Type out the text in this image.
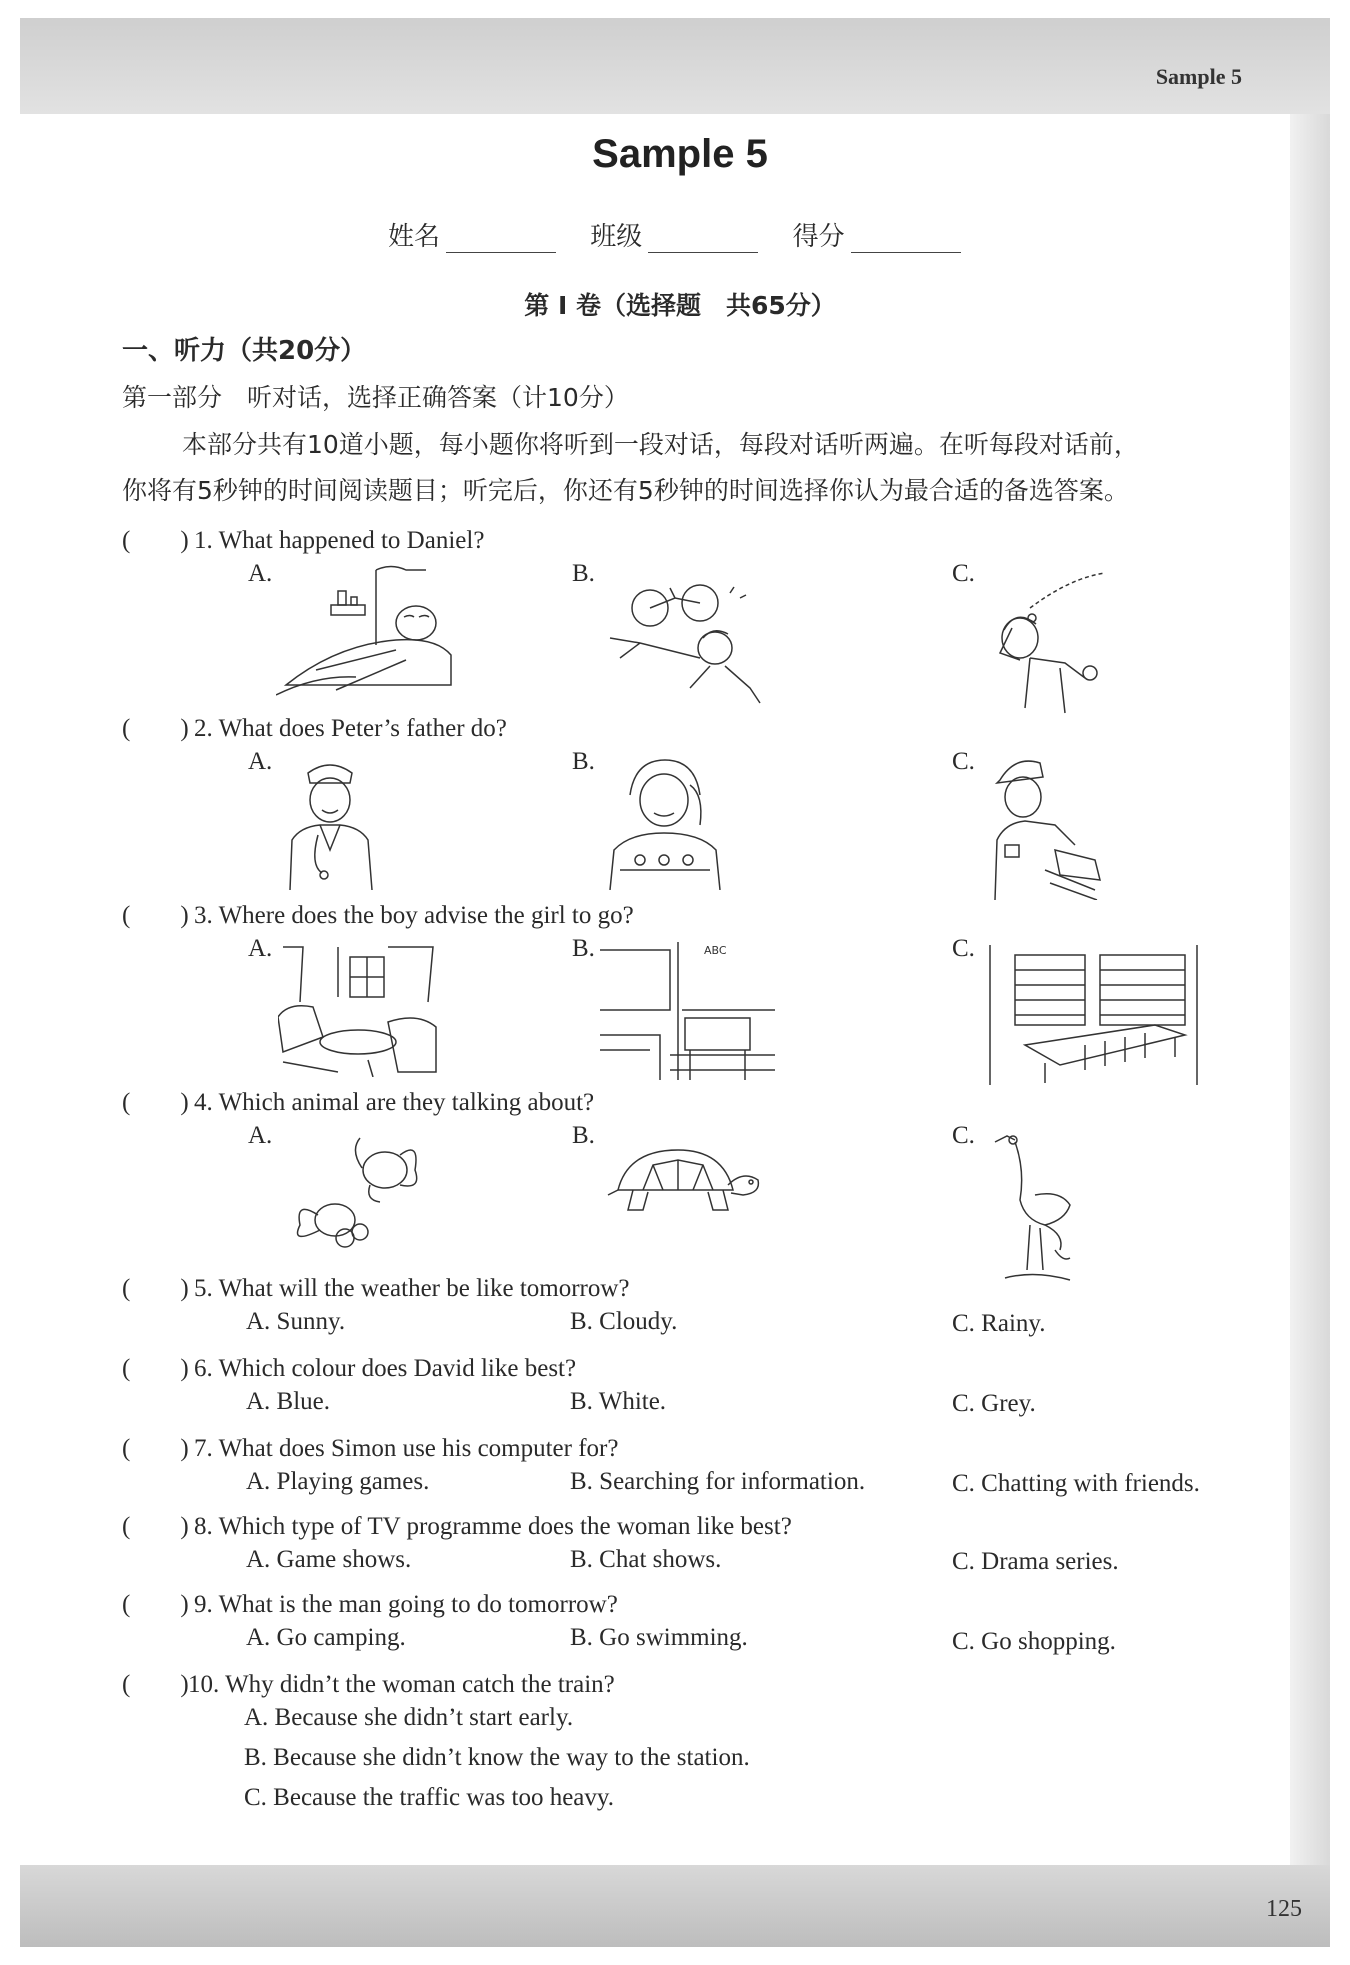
Sample 5
Sample 5
姓名	班级	得分
第 Ⅰ 卷（选择题　共65分）
一、听力（共20分）
第一部分　听对话，选择正确答案（计10分）
本部分共有10道小题，每小题你将听到一段对话，每段对话听两遍。在听每段对话前，
你将有5秒钟的时间阅读题目；听完后，你还有5秒钟的时间选择你认为最合适的备选答案。
(　　) 1. What happened to Daniel?
A.	B.	C.
(　　) 2. What does Peter’s father do?
A.	B.	C.
(　　) 3. Where does the boy advise the girl to go?
A.	B.	C.
ABC
(　　) 4. Which animal are they talking about?
A.	B.	C.
(　　) 5. What will the weather be like tomorrow?
A. Sunny.	B. Cloudy.	C. Rainy.
(　　) 6. Which colour does David like best?
A. Blue.	B. White.	C. Grey.
(　　) 7. What does Simon use his computer for?
A. Playing games.	B. Searching for information.	C. Chatting with friends.
(　　) 8. Which type of TV programme does the woman like best?
A. Game shows.	B. Chat shows.	C. Drama series.
(　　) 9. What is the man going to do tomorrow?
A. Go camping.	B. Go swimming.	C. Go shopping.
(　　)10. Why didn’t the woman catch the train?
A. Because she didn’t start early.
B. Because she didn’t know the way to the station.
C. Because the traffic was too heavy.
125
